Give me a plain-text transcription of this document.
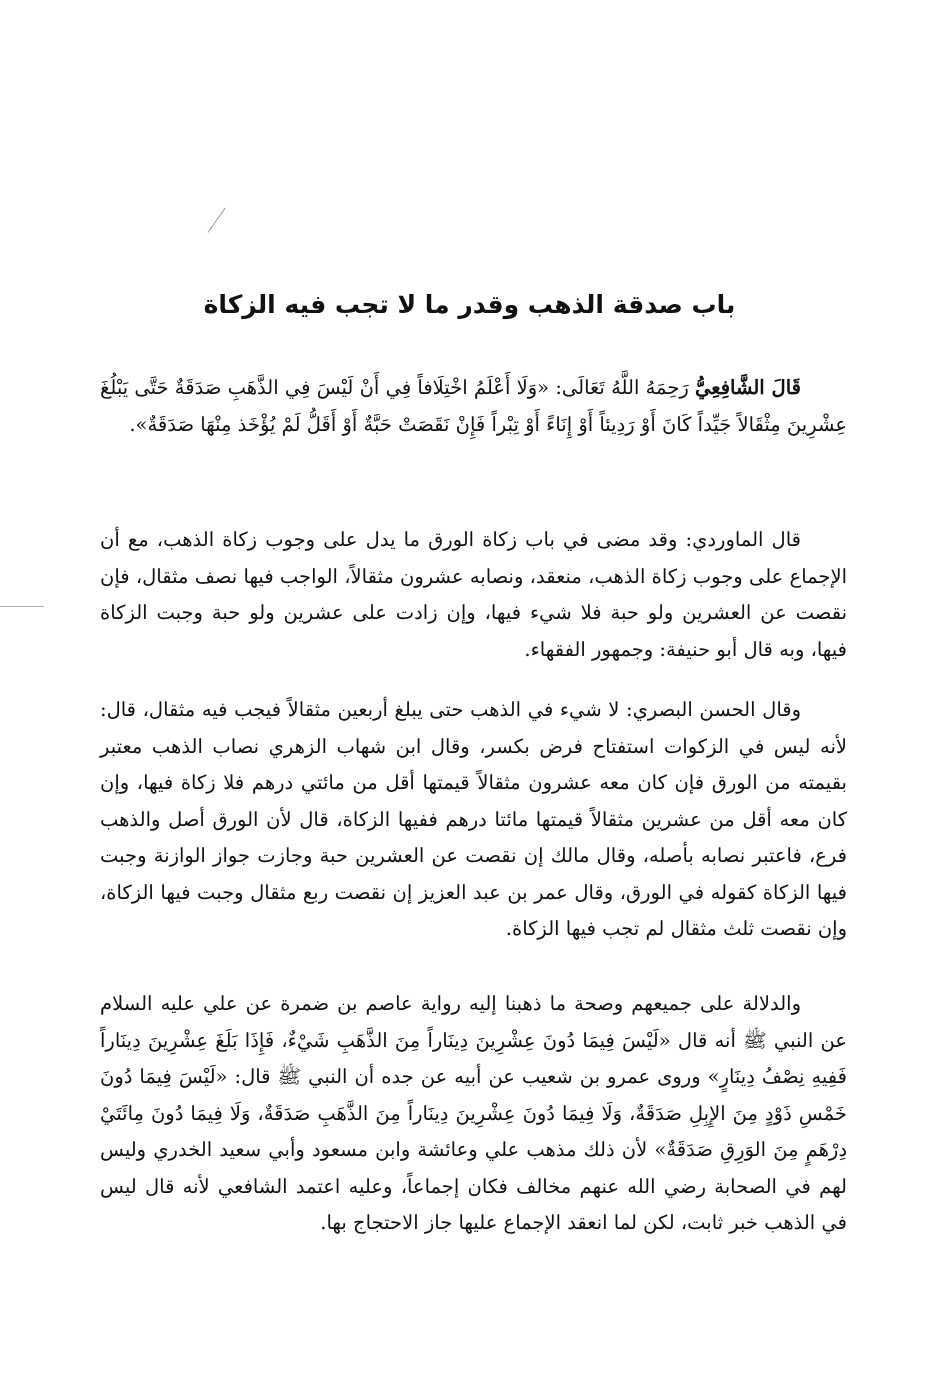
باب صدقة الذهب وقدر ما لا تجب فيه الزكاة

قَالَ الشَّافِعِيُّ رَحِمَهُ اللَّهُ تَعَالَى: «وَلَا أَعْلَمُ اخْتِلَافاً فِي أَنْ لَيْسَ فِي الذَّهَبِ صَدَقَةٌ حَتَّى يَبْلُغَ عِشْرِينَ مِثْقَالاً جَيِّداً كَانَ أَوْ رَدِيئاً أَوْ إِنَاءً أَوْ تِبْراً فَإِنْ نَقَصَتْ حَبَّةٌ أَوْ أَقَلُّ لَمْ يُؤْخَذ مِنْهَا صَدَقَةٌ».

قال الماوردي: وقد مضى في باب زكاة الورق ما يدل على وجوب زكاة الذهب، مع أن الإجماع على وجوب زكاة الذهب، منعقد، ونصابه عشرون مثقالاً، الواجب فيها نصف مثقال، فإن نقصت عن العشرين ولو حبة فلا شيء فيها، وإن زادت على عشرين ولو حبة وجبت الزكاة فيها، وبه قال أبو حنيفة: وجمهور الفقهاء.

وقال الحسن البصري: لا شيء في الذهب حتى يبلغ أربعين مثقالاً فيجب فيه مثقال، قال: لأنه ليس في الزكوات استفتاح فرض بكسر، وقال ابن شهاب الزهري نصاب الذهب معتبر بقيمته من الورق فإن كان معه عشرون مثقالاً قيمتها أقل من مائتي درهم فلا زكاة فيها، وإن كان معه أقل من عشرين مثقالاً قيمتها مائتا درهم ففيها الزكاة، قال لأن الورق أصل والذهب فرع، فاعتبر نصابه بأصله، وقال مالك إن نقصت عن العشرين حبة وجازت جواز الوازنة وجبت فيها الزكاة كقوله في الورق، وقال عمر بن عبد العزيز إن نقصت ربع مثقال وجبت فيها الزكاة، وإن نقصت ثلث مثقال لم تجب فيها الزكاة.

والدلالة على جميعهم وصحة ما ذهبنا إليه رواية عاصم بن ضمرة عن علي عليه السلام عن النبي ﷺ أنه قال «لَيْسَ فِيمَا دُونَ عِشْرِينَ دِينَاراً مِنَ الذَّهَبِ شَيْءٌ، فَإِذَا بَلَغَ عِشْرِينَ دِينَاراً فَفِيهِ نِصْفُ دِينَارٍ» وروى عمرو بن شعيب عن أبيه عن جده أن النبي ﷺ قال: «لَيْسَ فِيمَا دُونَ خَمْسِ ذَوْدٍ مِنَ الإِبِلِ صَدَقَةٌ، وَلَا فِيمَا دُونَ عِشْرِينَ دِينَاراً مِنَ الذَّهَبِ صَدَقَةٌ، وَلَا فِيمَا دُونَ مِائَتَيْ دِرْهَمٍ مِنَ الوَرِقِ صَدَقَةٌ» لأن ذلك مذهب علي وعائشة وابن مسعود وأبي سعيد الخدري وليس لهم في الصحابة رضي الله عنهم مخالف فكان إجماعاً، وعليه اعتمد الشافعي لأنه قال ليس في الذهب خبر ثابت، لكن لما انعقد الإجماع عليها جاز الاحتجاج بها.
